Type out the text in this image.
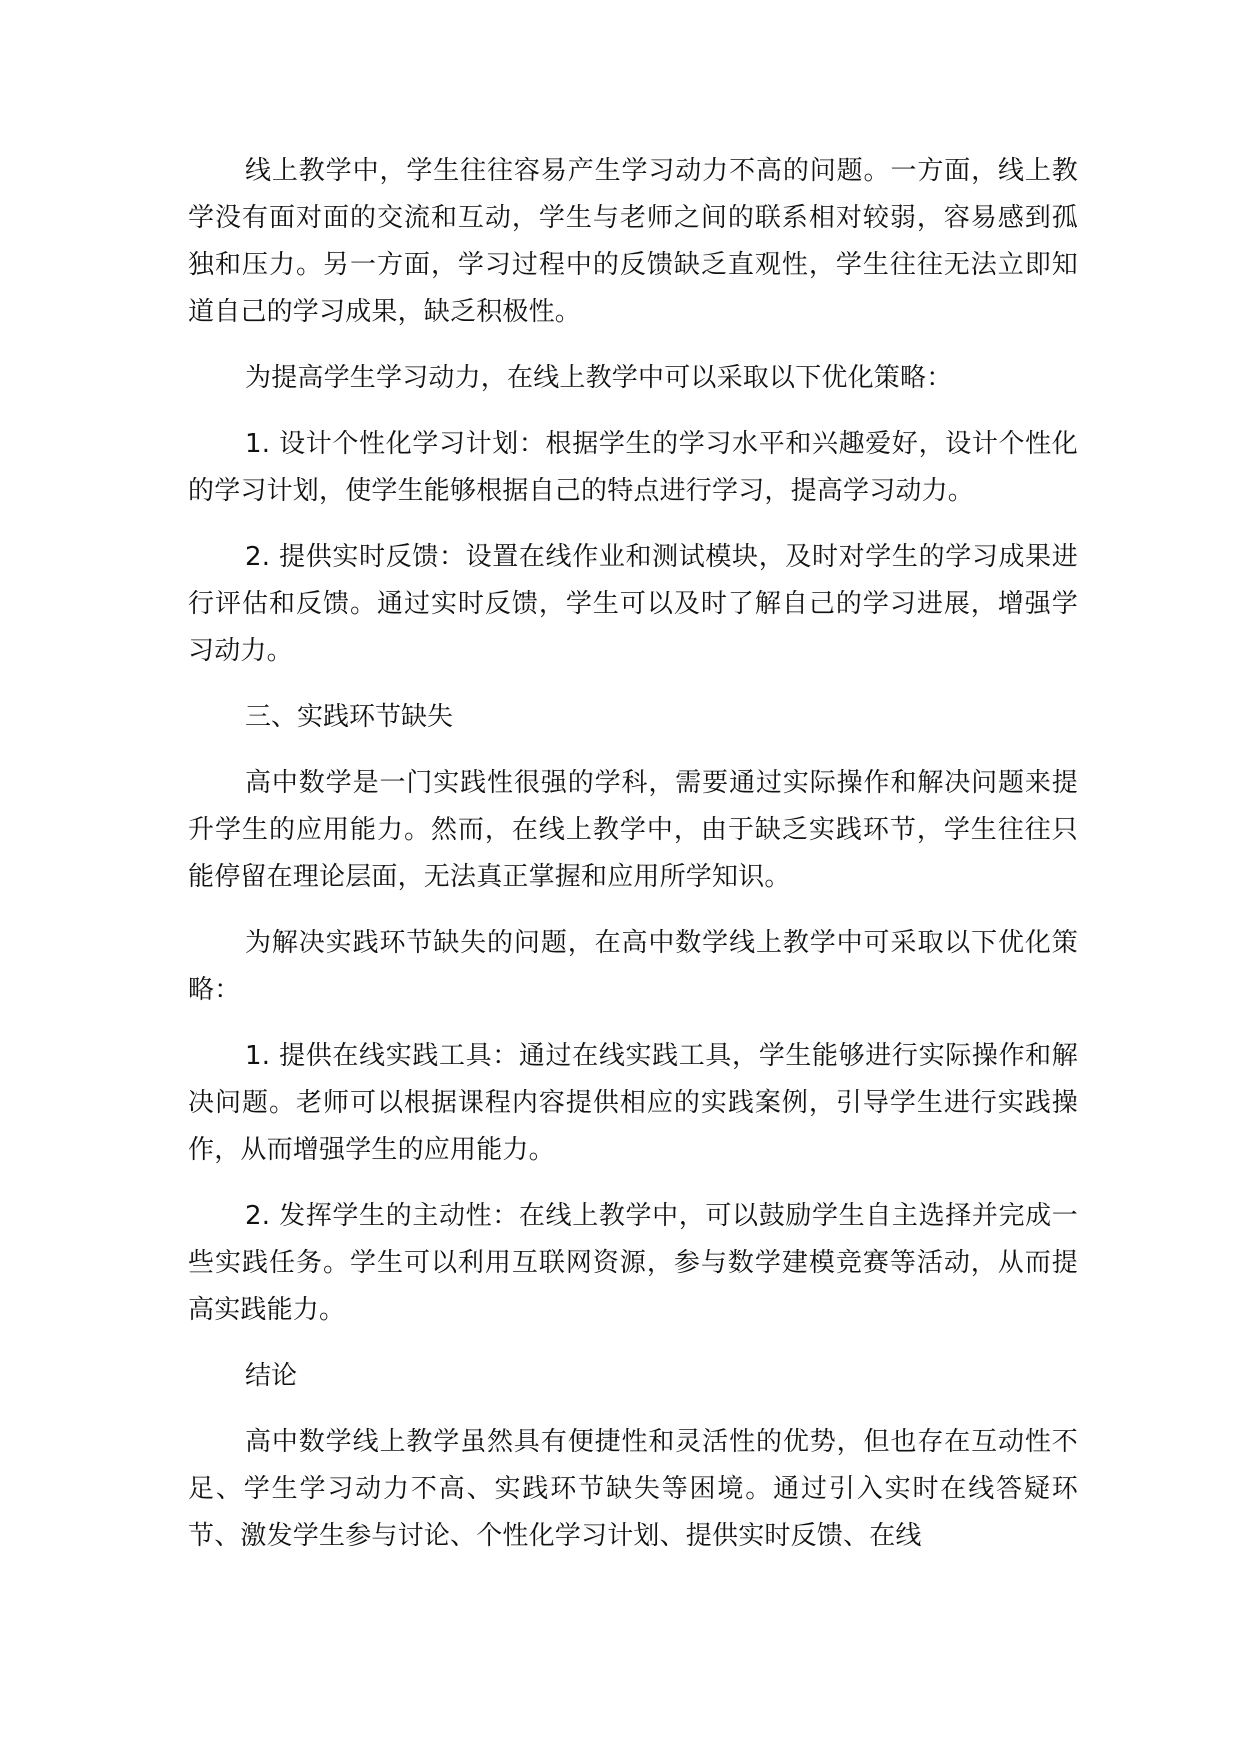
线上教学中，学生往往容易产生学习动力不高的问题。一方面，线上教学没有面对面的交流和互动，学生与老师之间的联系相对较弱，容易感到孤独和压力。另一方面，学习过程中的反馈缺乏直观性，学生往往无法立即知道自己的学习成果，缺乏积极性。

为提高学生学习动力，在线上教学中可以采取以下优化策略：

1. 设计个性化学习计划：根据学生的学习水平和兴趣爱好，设计个性化的学习计划，使学生能够根据自己的特点进行学习，提高学习动力。

2. 提供实时反馈：设置在线作业和测试模块，及时对学生的学习成果进行评估和反馈。通过实时反馈，学生可以及时了解自己的学习进展，增强学习动力。

三、实践环节缺失

高中数学是一门实践性很强的学科，需要通过实际操作和解决问题来提升学生的应用能力。然而，在线上教学中，由于缺乏实践环节，学生往往只能停留在理论层面，无法真正掌握和应用所学知识。

为解决实践环节缺失的问题，在高中数学线上教学中可采取以下优化策略：

1. 提供在线实践工具：通过在线实践工具，学生能够进行实际操作和解决问题。老师可以根据课程内容提供相应的实践案例，引导学生进行实践操作，从而增强学生的应用能力。

2. 发挥学生的主动性：在线上教学中，可以鼓励学生自主选择并完成一些实践任务。学生可以利用互联网资源，参与数学建模竞赛等活动，从而提高实践能力。

结论

高中数学线上教学虽然具有便捷性和灵活性的优势，但也存在互动性不足、学生学习动力不高、实践环节缺失等困境。通过引入实时在线答疑环节、激发学生参与讨论、个性化学习计划、提供实时反馈、在线
